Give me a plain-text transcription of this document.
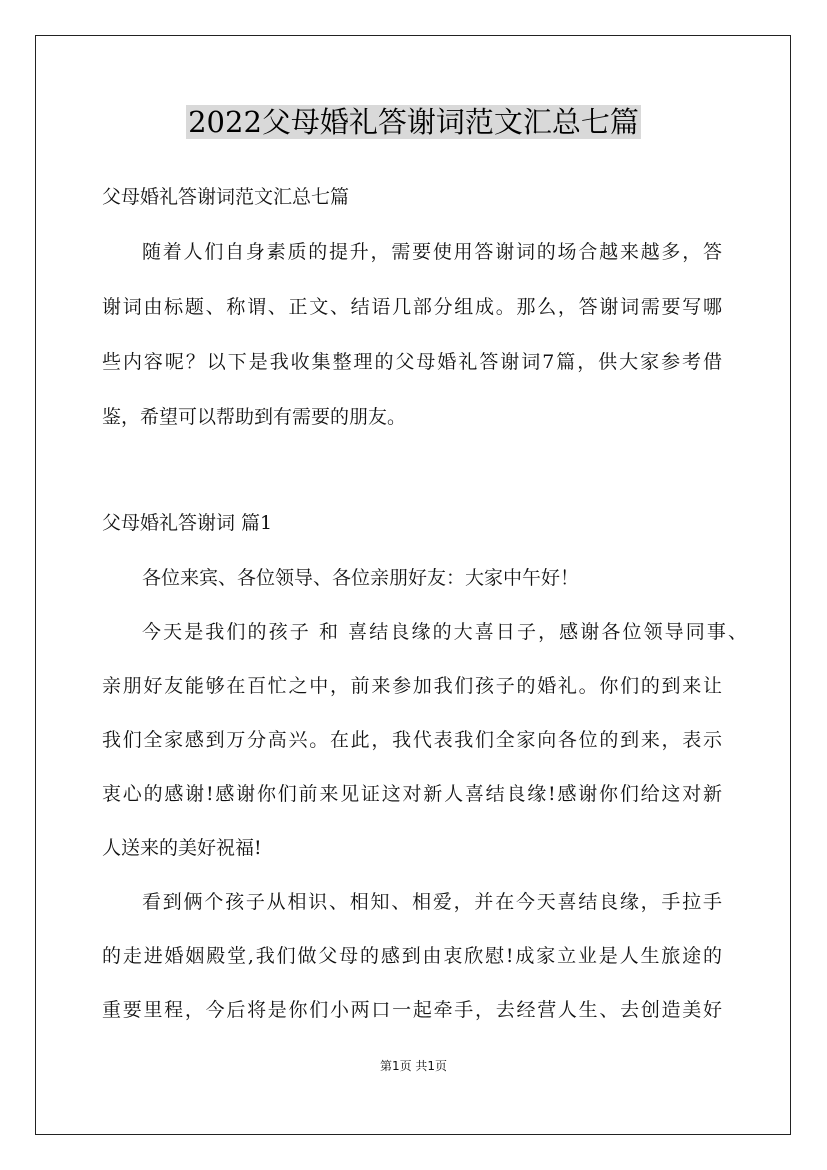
2022父母婚礼答谢词范文汇总七篇
父母婚礼答谢词范文汇总七篇
随着人们自身素质的提升，需要使用答谢词的场合越来越多，答
谢词由标题、称谓、正文、结语几部分组成。那么，答谢词需要写哪
些内容呢？以下是我收集整理的父母婚礼答谢词7篇，供大家参考借
鉴，希望可以帮助到有需要的朋友。
父母婚礼答谢词 篇1
各位来宾、各位领导、各位亲朋好友：大家中午好！
今天是我们的孩子 和 喜结良缘的大喜日子，感谢各位领导同事、
亲朋好友能够在百忙之中，前来参加我们孩子的婚礼。你们的到来让
我们全家感到万分高兴。在此，我代表我们全家向各位的到来，表示
衷心的感谢!感谢你们前来见证这对新人喜结良缘!感谢你们给这对新
人送来的美好祝福!
看到俩个孩子从相识、相知、相爱，并在今天喜结良缘，手拉手
的走进婚姻殿堂,我们做父母的感到由衷欣慰!成家立业是人生旅途的
重要里程，今后将是你们小两口一起牵手，去经营人生、去创造美好
第1页 共1页
